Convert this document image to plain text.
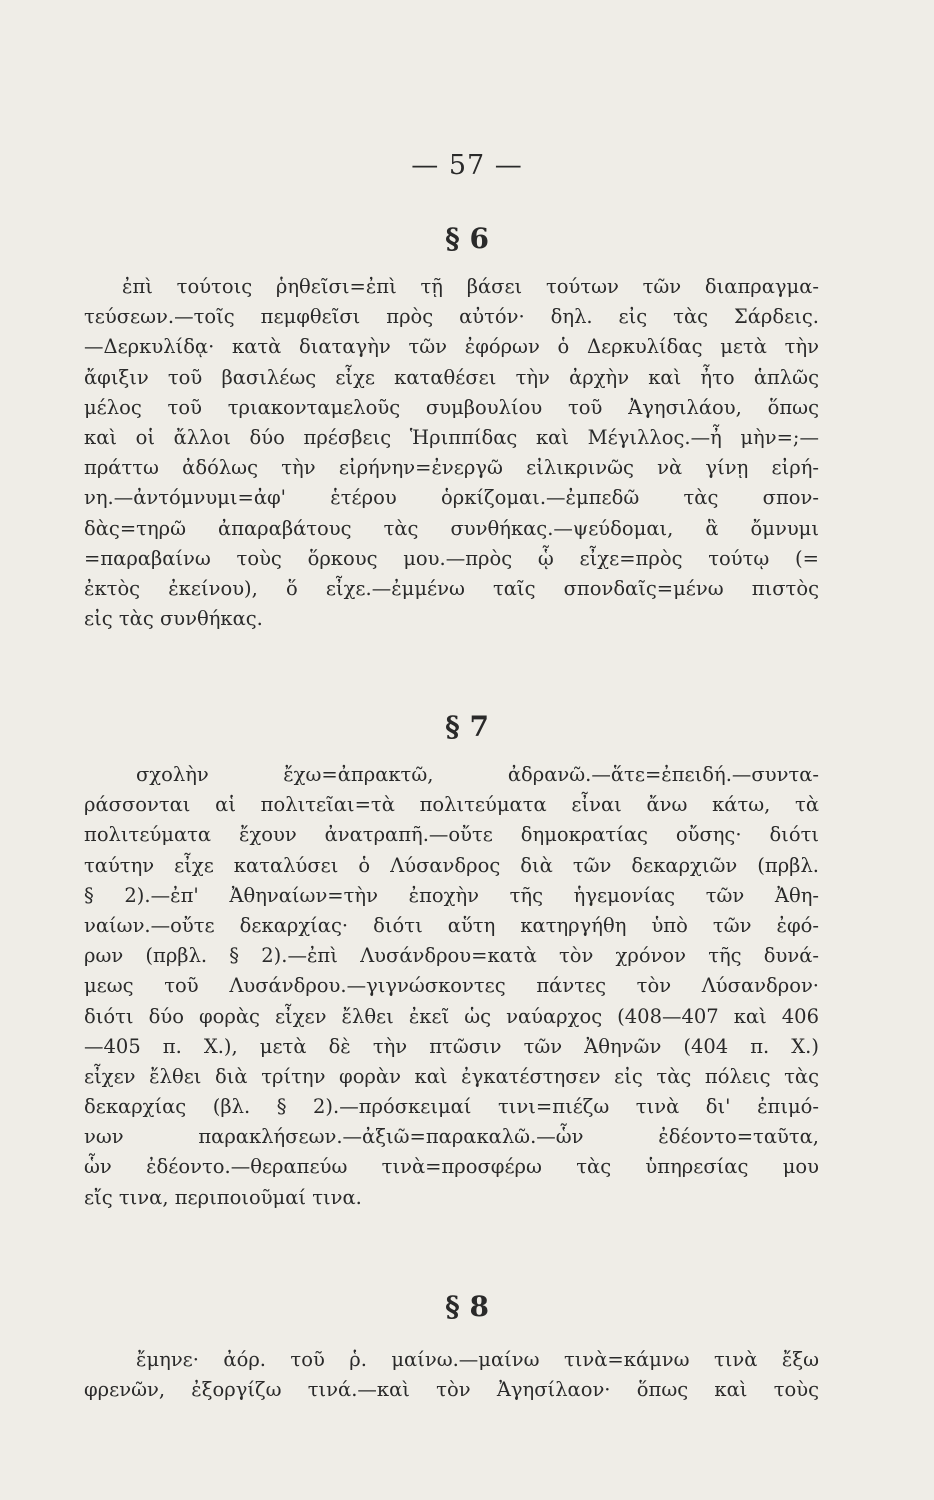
— 57 —
§ 6
ἐπὶ τούτοις ῥηθεῖσι=ἐπὶ τῇ βάσει τούτων τῶν διαπραγμα-
τεύσεων.—τοῖς πεμφθεῖσι πρὸς αὐτόν· δηλ. εἰς τὰς Σάρδεις.
—Δερκυλίδᾳ· κατὰ διαταγὴν τῶν ἐφόρων ὁ Δερκυλίδας μετὰ τὴν
ἄφιξιν τοῦ βασιλέως εἶχε καταθέσει τὴν ἀρχὴν καὶ ἦτο ἁπλῶς
μέλος τοῦ τριακονταμελοῦς συμβουλίου τοῦ Ἀγησιλάου, ὅπως
καὶ οἱ ἄλλοι δύο πρέσβεις Ἡριππίδας καὶ Μέγιλλος.—ἦ μὴν=;—
πράττω ἀδόλως τὴν εἰρήνην=ἐνεργῶ εἰλικρινῶς νὰ γίνῃ εἰρή-
νη.—ἀντόμνυμι=ἀφ' ἑτέρου ὁρκίζομαι.—ἐμπεδῶ τὰς σπον-
δὰς=τηρῶ ἀπαραβάτους τὰς συνθήκας.—ψεύδομαι, ἃ ὄμνυμι
=παραβαίνω τοὺς ὅρκους μου.—πρὸς ᾧ εἶχε=πρὸς τούτῳ (=
ἐκτὸς ἐκείνου), ὅ εἶχε.—ἐμμένω ταῖς σπονδαῖς=μένω πιστὸς
εἰς τὰς συνθήκας.
§ 7
σχολὴν ἔχω=ἀπρακτῶ, ἀδρανῶ.—ἅτε=ἐπειδή.—συντα-
ράσσονται αἱ πολιτεῖαι=τὰ πολιτεύματα εἶναι ἄνω κάτω, τὰ
πολιτεύματα ἔχουν ἀνατραπῆ.—οὔτε δημοκρατίας οὔσης· διότι
ταύτην εἶχε καταλύσει ὁ Λύσανδρος διὰ τῶν δεκαρχιῶν (πρβλ.
§ 2).—ἐπ' Ἀθηναίων=τὴν ἐποχὴν τῆς ἡγεμονίας τῶν Ἀθη-
ναίων.—οὔτε δεκαρχίας· διότι αὕτη κατηργήθη ὑπὸ τῶν ἐφό-
ρων (πρβλ. § 2).—ἐπὶ Λυσάνδρου=κατὰ τὸν χρόνον τῆς δυνά-
μεως τοῦ Λυσάνδρου.—γιγνώσκοντες πάντες τὸν Λύσανδρον·
διότι δύο φορὰς εἶχεν ἔλθει ἐκεῖ ὡς ναύαρχος (408—407 καὶ 406
—405 π. Χ.), μετὰ δὲ τὴν πτῶσιν τῶν Ἀθηνῶν (404 π. Χ.)
εἶχεν ἔλθει διὰ τρίτην φορὰν καὶ ἐγκατέστησεν εἰς τὰς πόλεις τὰς
δεκαρχίας (βλ. § 2).—πρόσκειμαί τινι=πιέζω τινὰ δι' ἐπιμό-
νων παρακλήσεων.—ἀξιῶ=παρακαλῶ.—ὧν ἐδέοντο=ταῦτα,
ὧν ἐδέοντο.—θεραπεύω τινὰ=προσφέρω τὰς ὑπηρεσίας μου
εἴς τινα, περιποιοῦμαί τινα.
§ 8
ἔμηνε· ἀόρ. τοῦ ῥ. μαίνω.—μαίνω τινὰ=κάμνω τινὰ ἔξω
φρενῶν, ἐξοργίζω τινά.—καὶ τὸν Ἀγησίλαον· ὅπως καὶ τοὺς
